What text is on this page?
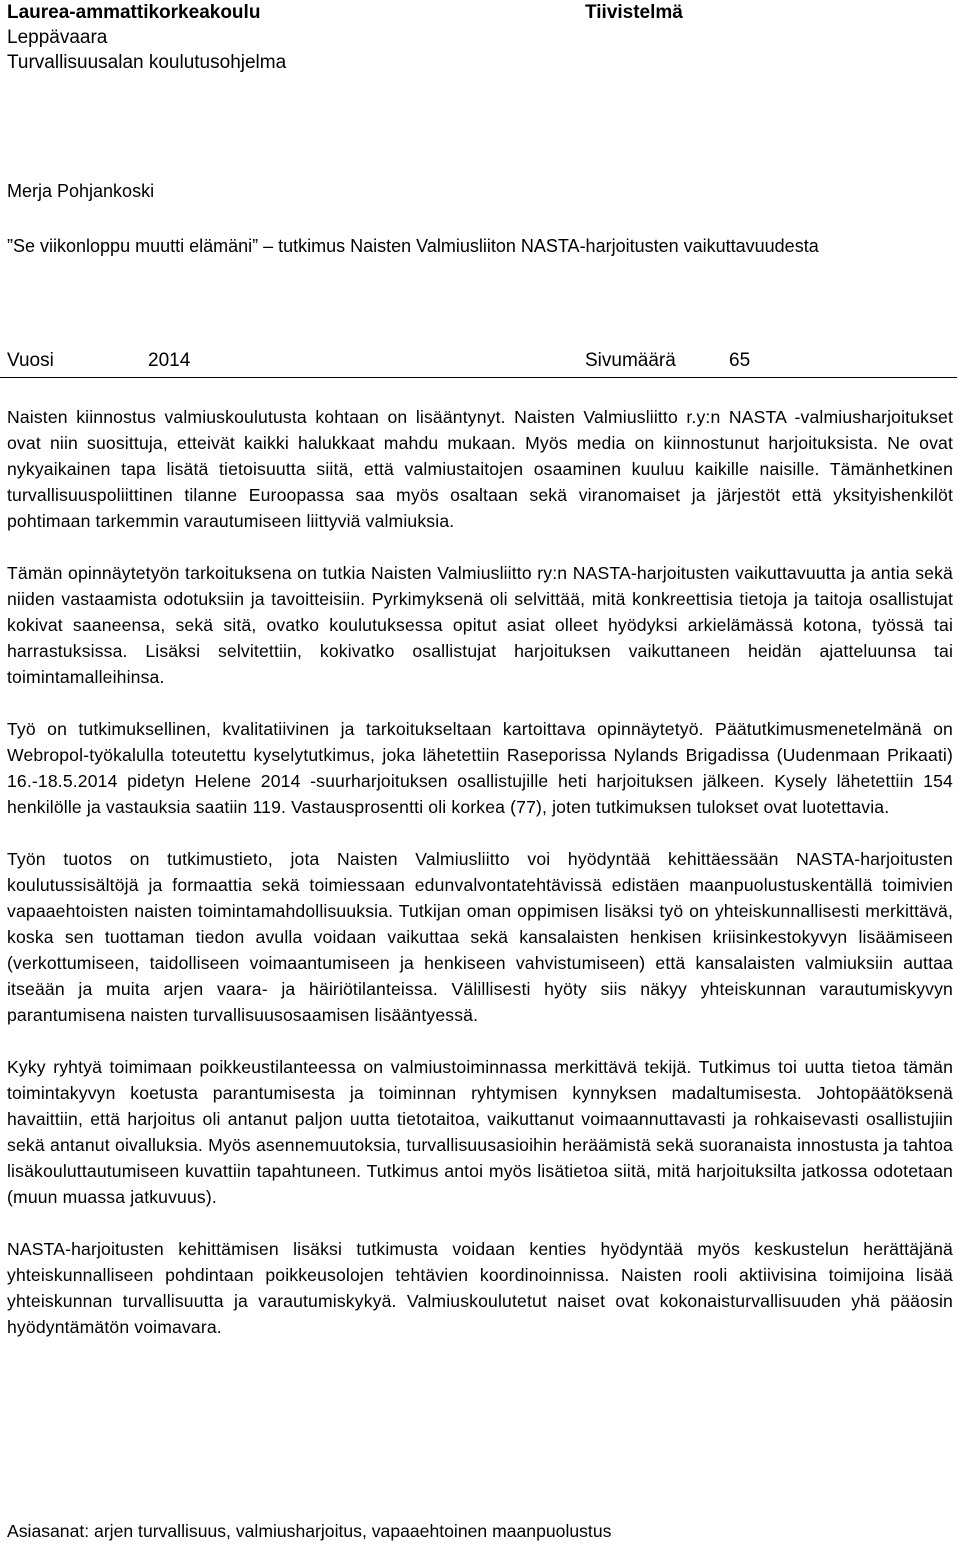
Laurea-ammattikorkeakoulu
Leppävaara
Turvallisuusalan koulutusohjelma
Tiivistelmä
Merja Pohjankoski
”Se viikonloppu muutti elämäni” – tutkimus Naisten Valmiusliiton NASTA-harjoitusten vaikuttavuudesta
Vuosi	2014	Sivumäärä	65

Naisten kiinnostus valmiuskoulutusta kohtaan on lisääntynyt. Naisten Valmiusliitto r.y:n NASTA -valmiusharjoitukset ovat niin suosittuja, etteivät kaikki halukkaat mahdu mukaan. Myös media on kiinnostunut harjoituksista. Ne ovat nykyaikainen tapa lisätä tietoisuutta siitä, että valmiustaitojen osaaminen kuuluu kaikille naisille. Tämänhetkinen turvallisuuspoliittinen tilanne Euroopassa saa myös osaltaan sekä viranomaiset ja järjestöt että yksityishenkilöt pohtimaan tarkemmin varautumiseen liittyviä valmiuksia.

Tämän opinnäytetyön tarkoituksena on tutkia Naisten Valmiusliitto ry:n NASTA-harjoitusten vaikuttavuutta ja antia sekä niiden vastaamista odotuksiin ja tavoitteisiin. Pyrkimyksenä oli selvittää, mitä konkreettisia tietoja ja taitoja osallistujat kokivat saaneensa, sekä sitä, ovatko koulutuksessa opitut asiat olleet hyödyksi arkielämässä kotona, työssä tai harrastuksissa. Lisäksi selvitettiin, kokivatko osallistujat harjoituksen vaikuttaneen heidän ajatteluunsa tai toimintamalleihinsa.

Työ on tutkimuksellinen, kvalitatiivinen ja tarkoitukseltaan kartoittava opinnäytetyö. Päätutkimusmenetelmänä on Webropol-työkalulla toteutettu kyselytutkimus, joka lähetettiin Raseporissa Nylands Brigadissa (Uudenmaan Prikaati) 16.-18.5.2014 pidetyn Helene 2014 -suurharjoituksen osallistujille heti harjoituksen jälkeen. Kysely lähetettiin 154 henkilölle ja vastauksia saatiin 119. Vastausprosentti oli korkea (77), joten tutkimuksen tulokset ovat luotettavia.

Työn tuotos on tutkimustieto, jota Naisten Valmiusliitto voi hyödyntää kehittäessään NASTA-harjoitusten koulutussisältöjä ja formaattia sekä toimiessaan edunvalvontatehtävissä edistäen maanpuolustuskentällä toimivien vapaaehtoisten naisten toimintamahdollisuuksia. Tutkijan oman oppimisen lisäksi työ on yhteiskunnallisesti merkittävä, koska sen tuottaman tiedon avulla voidaan vaikuttaa sekä kansalaisten henkisen kriisinkestokyvyn lisäämiseen (verkottumiseen, taidolliseen voimaantumiseen ja henkiseen vahvistumiseen) että kansalaisten valmiuksiin auttaa itseään ja muita arjen vaara- ja häiriötilanteissa. Välillisesti hyöty siis näkyy yhteiskunnan varautumiskyvyn parantumisena naisten turvallisuusosaamisen lisääntyessä.

Kyky ryhtyä toimimaan poikkeustilanteessa on valmiustoiminnassa merkittävä tekijä. Tutkimus toi uutta tietoa tämän toimintakyvyn koetusta parantumisesta ja toiminnan ryhtymisen kynnyksen madaltumisesta. Johtopäätöksenä havaittiin, että harjoitus oli antanut paljon uutta tietotaitoa, vaikuttanut voimaannuttavasti ja rohkaisevasti osallistujiin sekä antanut oivalluksia. Myös asennemuutoksia, turvallisuusasioihin heräämistä sekä suoranaista innostusta ja tahtoa lisäkouluttautumiseen kuvattiin tapahtuneen. Tutkimus antoi myös lisätietoa siitä, mitä harjoituksilta jatkossa odotetaan (muun muassa jatkuvuus).

NASTA-harjoitusten kehittämisen lisäksi tutkimusta voidaan kenties hyödyntää myös keskustelun herättäjänä yhteiskunnalliseen pohdintaan poikkeusolojen tehtävien koordinoinnissa. Naisten rooli aktiivisina toimijoina lisää yhteiskunnan turvallisuutta ja varautumiskykyä. Valmiuskoulutetut naiset ovat kokonaisturvallisuuden yhä pääosin hyödyntämätön voimavara.

Asiasanat: arjen turvallisuus, valmiusharjoitus, vapaaehtoinen maanpuolustus
